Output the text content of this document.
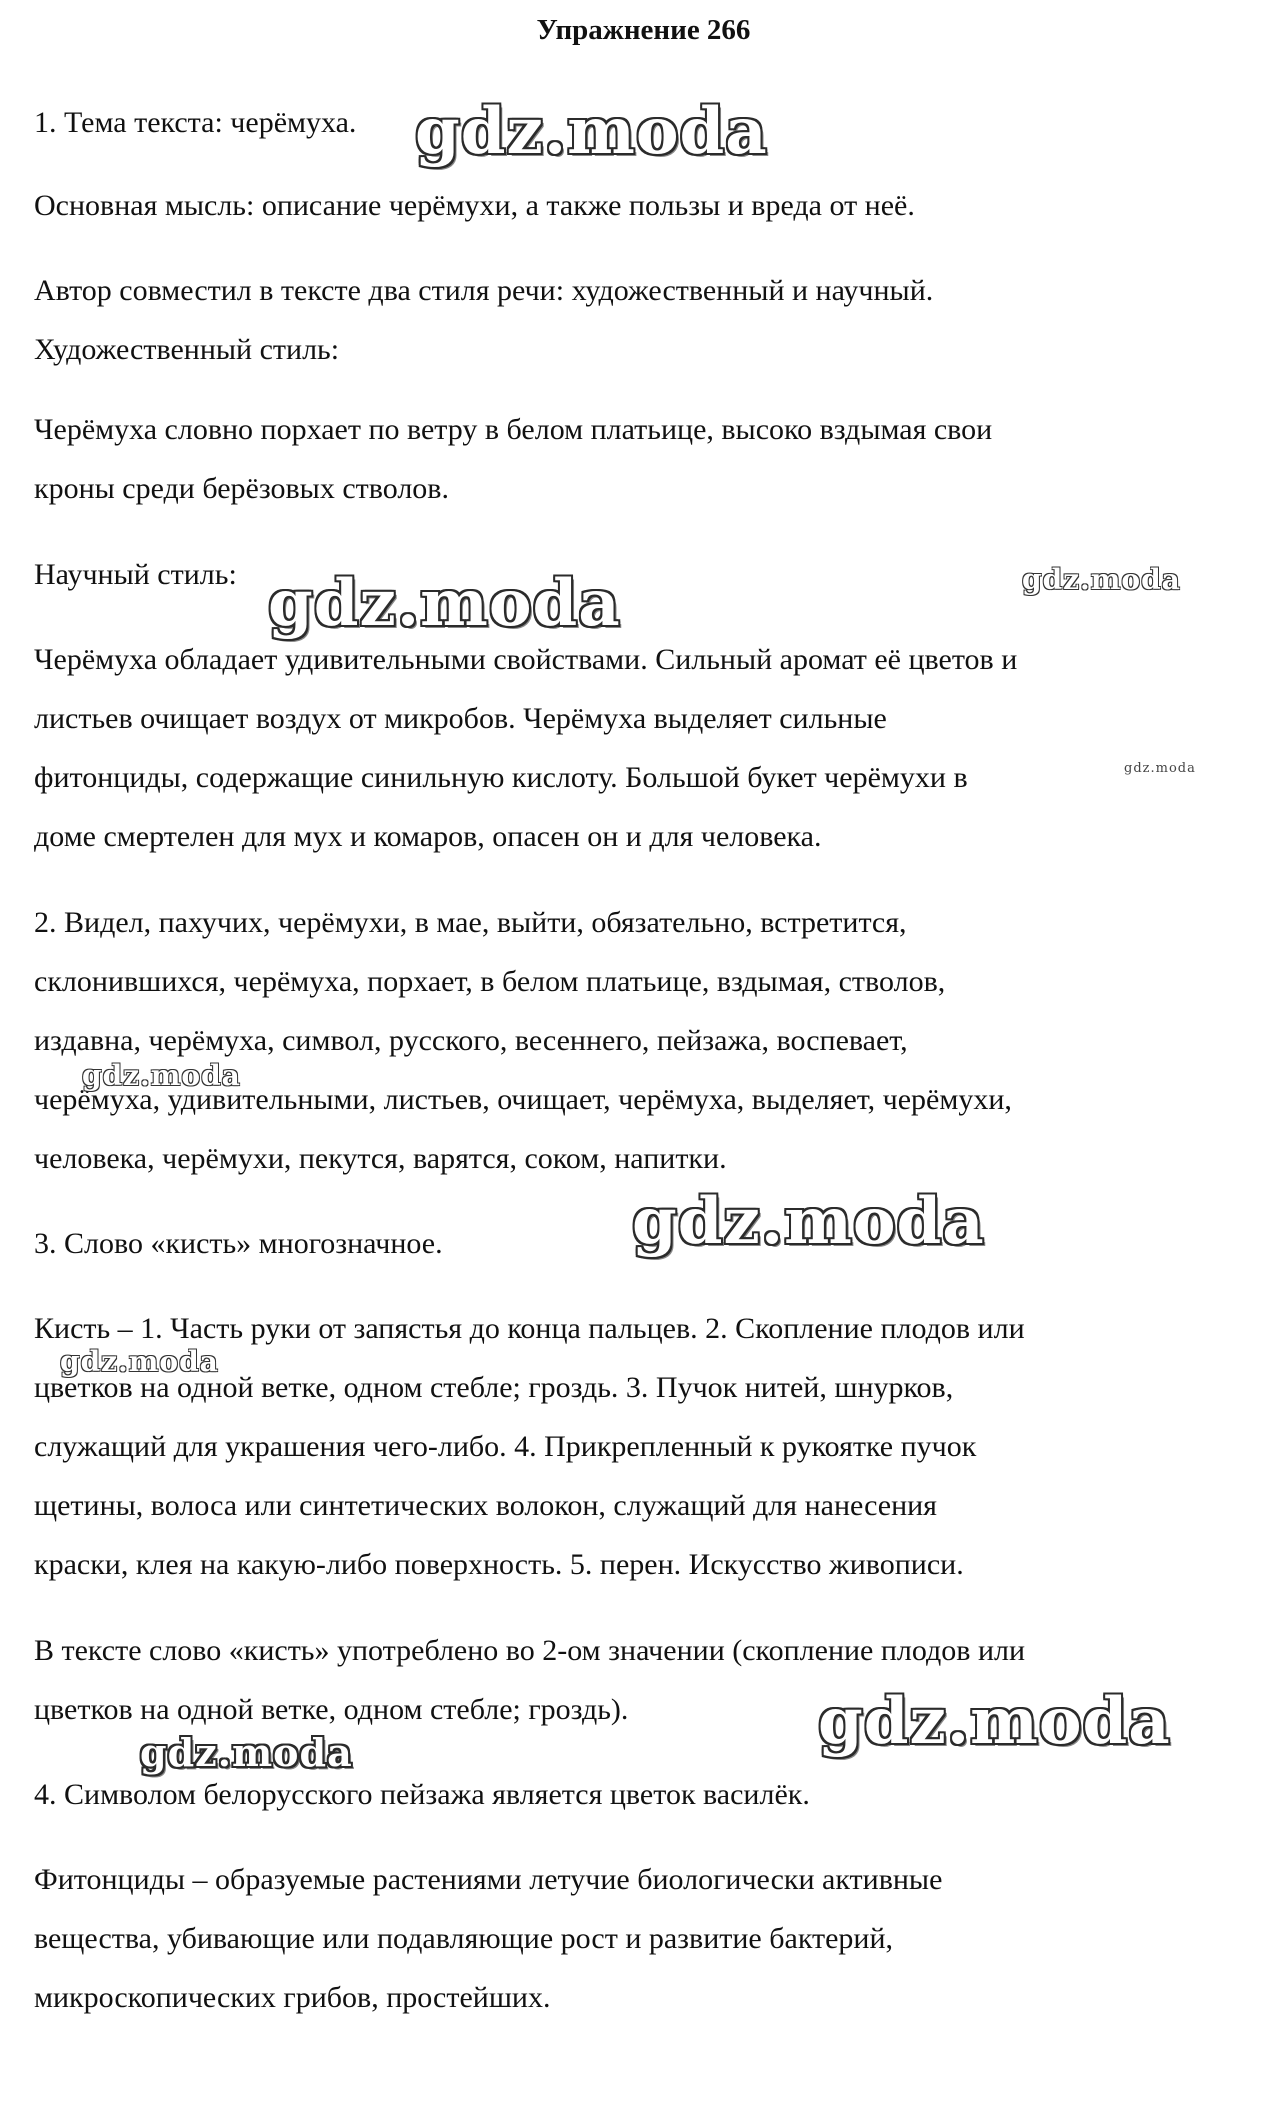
Упражнение 266
1. Тема текста: черёмуха.
Основная мысль: описание черёмухи, а также пользы и вреда от неё.
Автор совместил в тексте два стиля речи: художественный и научный.
Художественный стиль:
Черёмуха словно порхает по ветру в белом платьице, высоко вздымая свои
кроны среди берёзовых стволов.
Научный стиль:
Черёмуха обладает удивительными свойствами. Сильный аромат её цветов и
листьев очищает воздух от микробов. Черёмуха выделяет сильные
фитонциды, содержащие синильную кислоту. Большой букет черёмухи в
доме смертелен для мух и комаров, опасен он и для человека.
2. Видел, пахучих, черёмухи, в мае, выйти, обязательно, встретится,
склонившихся, черёмуха, порхает, в белом платьице, вздымая, стволов,
издавна, черёмуха, символ, русского, весеннего, пейзажа, воспевает,
черёмуха, удивительными, листьев, очищает, черёмуха, выделяет, черёмухи,
человека, черёмухи, пекутся, варятся, соком, напитки.
3. Слово «кисть» многозначное.
Кисть – 1. Часть руки от запястья до конца пальцев. 2. Скопление плодов или
цветков на одной ветке, одном стебле; гроздь. 3. Пучок нитей, шнурков,
служащий для украшения чего-либо. 4. Прикрепленный к рукоятке пучок
щетины, волоса или синтетических волокон, служащий для нанесения
краски, клея на какую-либо поверхность. 5. перен. Искусство живописи.
В тексте слово «кисть» употреблено во 2-ом значении (скопление плодов или
цветков на одной ветке, одном стебле; гроздь).
4. Символом белорусского пейзажа является цветок василёк.
Фитонциды – образуемые растениями летучие биологически активные
вещества, убивающие или подавляющие рост и развитие бактерий,
микроскопических грибов, простейших.
gdz.moda
gdz.moda	gdz.moda
gdz.moda
gdz.moda
gdz.moda
gdz.moda
gdz.moda
gdz.moda
